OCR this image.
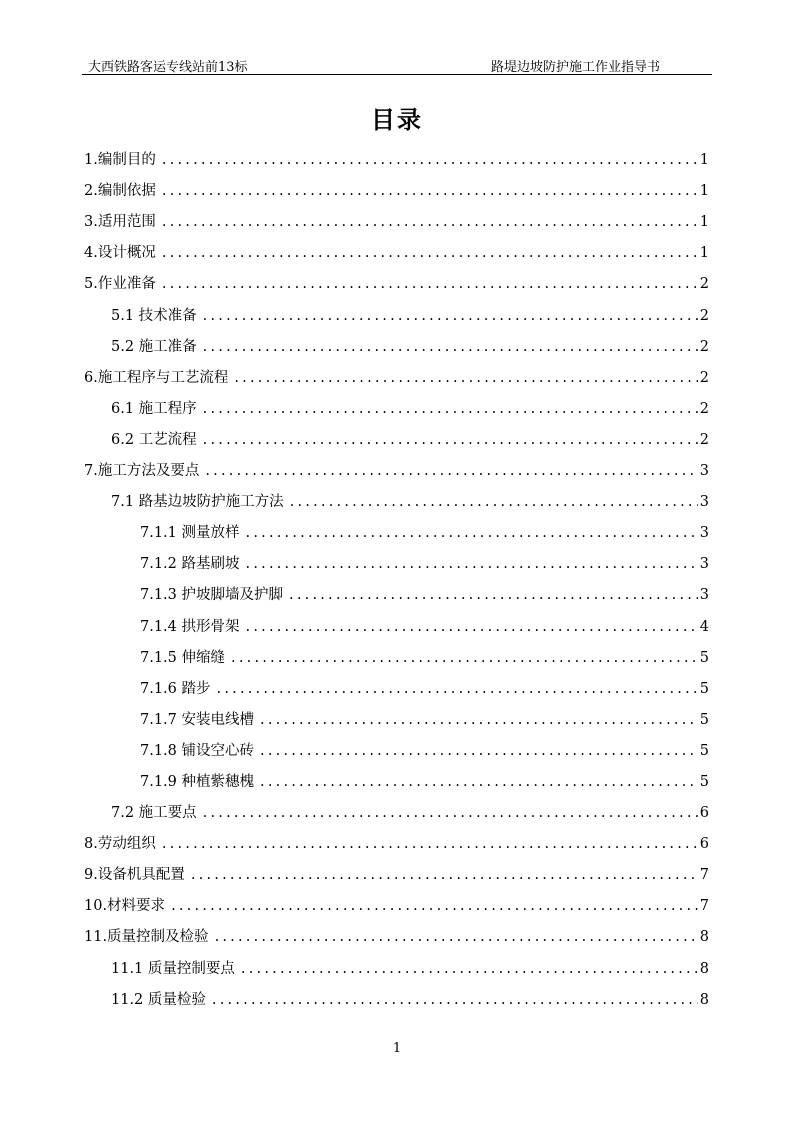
大西铁路客运专线站前13标	路堤边坡防护施工作业指导书
目录
1.编制目的 .....	1
2.编制依据 .....	1
3.适用范围 .....	1
4.设计概况 .....	1
5.作业准备 .....	2
5.1 技术准备 .....	2
5.2 施工准备 .....	2
6.施工程序与工艺流程 .....	2
6.1 施工程序 .....	2
6.2 工艺流程 .....	2
7.施工方法及要点 .....	3
7.1 路基边坡防护施工方法 .....	3
7.1.1 测量放样 .....	3
7.1.2 路基刷坡 .....	3
7.1.3 护坡脚墙及护脚 .....	3
7.1.4 拱形骨架 .....	4
7.1.5 伸缩缝 .....	5
7.1.6 踏步 .....	5
7.1.7 安装电线槽 .....	5
7.1.8 铺设空心砖 .....	5
7.1.9 种植紫穗槐 .....	5
7.2 施工要点 .....	6
8.劳动组织 .....	6
9.设备机具配置 .....	7
10.材料要求 .....	7
11.质量控制及检验 .....	8
11.1 质量控制要点 .....	8
11.2 质量检验 .....	8
1
